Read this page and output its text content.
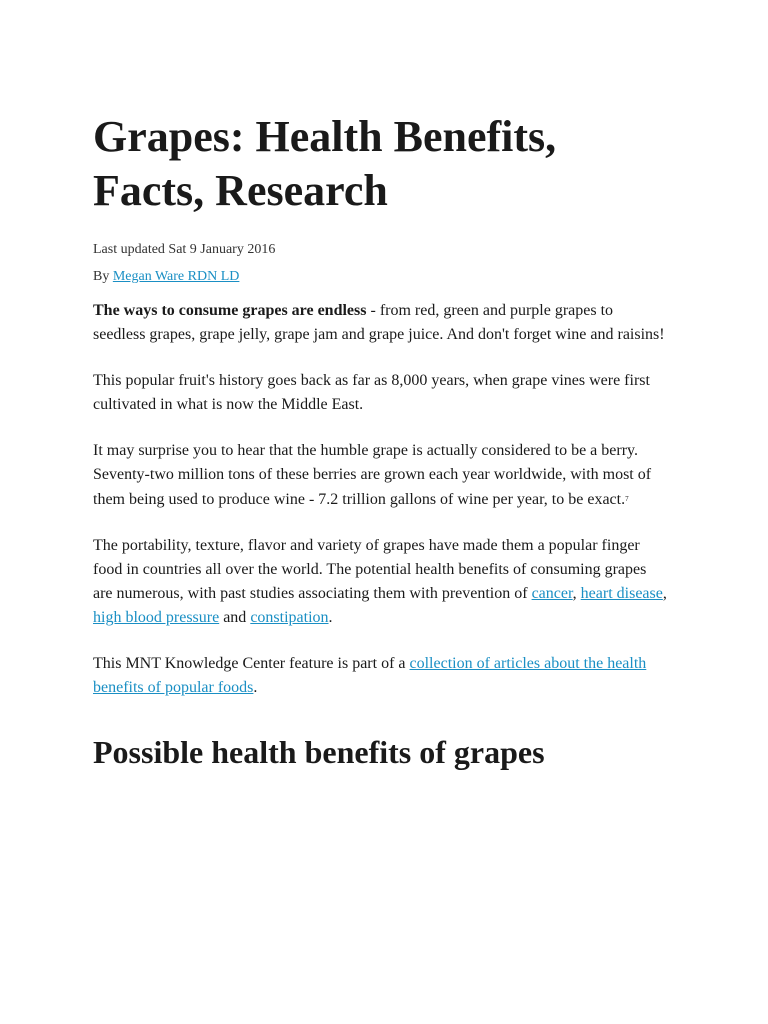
Grapes: Health Benefits, Facts, Research
Last updated Sat 9 January 2016
By Megan Ware RDN LD

The ways to consume grapes are endless - from red, green and purple grapes to seedless grapes, grape jelly, grape jam and grape juice. And don't forget wine and raisins!

This popular fruit's history goes back as far as 8,000 years, when grape vines were first cultivated in what is now the Middle East.

It may surprise you to hear that the humble grape is actually considered to be a berry. Seventy-two million tons of these berries are grown each year worldwide, with most of them being used to produce wine - 7.2 trillion gallons of wine per year, to be exact.$^7$

The portability, texture, flavor and variety of grapes have made them a popular finger food in countries all over the world. The potential health benefits of consuming grapes are numerous, with past studies associating them with prevention of cancer, heart disease, high blood pressure and constipation.

This MNT Knowledge Center feature is part of a collection of articles about the health benefits of popular foods.

Possible health benefits of grapes
